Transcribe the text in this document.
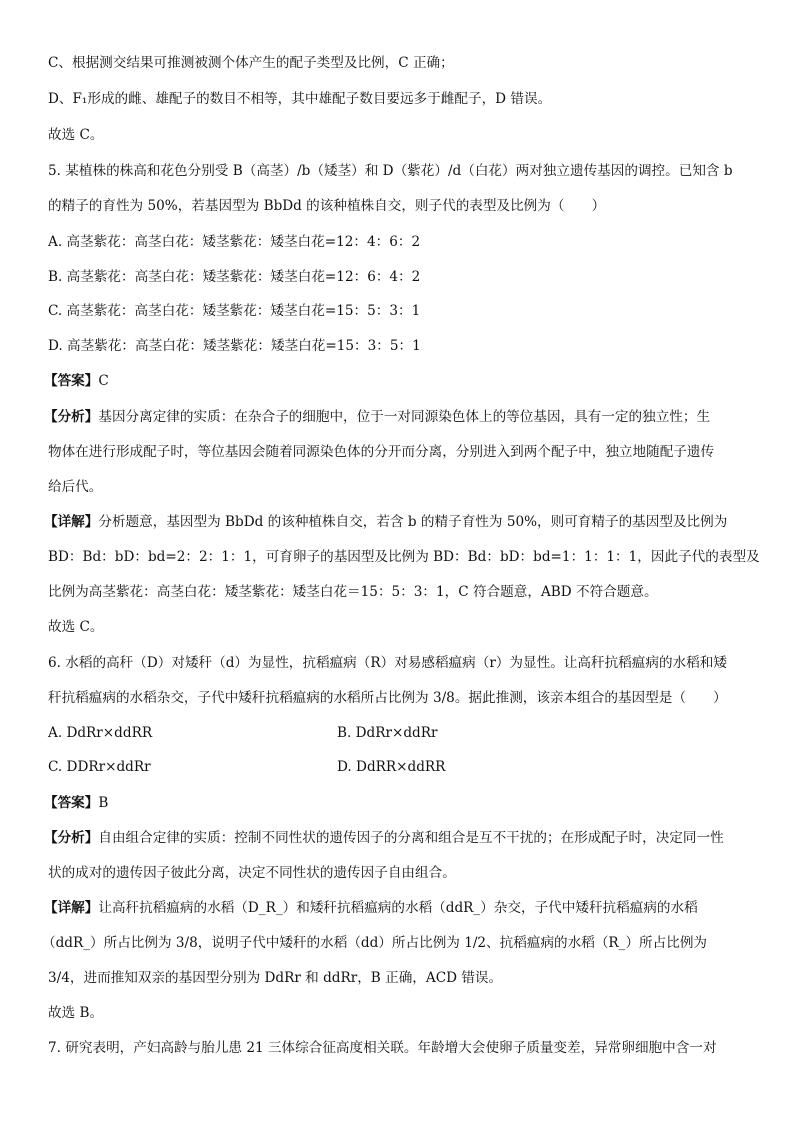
C、根据测交结果可推测被测个体产生的配子类型及比例，C 正确；
D、F₁形成的雌、雄配子的数目不相等，其中雄配子数目要远多于雌配子，D 错误。
故选 C。
5. 某植株的株高和花色分别受 B（高茎）/b（矮茎）和 D（紫花）/d（白花）两对独立遗传基因的调控。已知含 b
的精子的育性为 50%，若基因型为 BbDd 的该种植株自交，则子代的表型及比例为（　　）
A. 高茎紫花：高茎白花：矮茎紫花：矮茎白花=12：4：6：2
B. 高茎紫花：高茎白花：矮茎紫花：矮茎白花=12：6：4：2
C. 高茎紫花：高茎白花：矮茎紫花：矮茎白花=15：5：3：1
D. 高茎紫花：高茎白花：矮茎紫花：矮茎白花=15：3：5：1
【答案】C
【分析】基因分离定律的实质：在杂合子的细胞中，位于一对同源染色体上的等位基因，具有一定的独立性；生
物体在进行形成配子时，等位基因会随着同源染色体的分开而分离，分别进入到两个配子中，独立地随配子遗传
给后代。
【详解】分析题意，基因型为 BbDd 的该种植株自交，若含 b 的精子育性为 50%，则可育精子的基因型及比例为
BD：Bd：bD：bd=2：2：1：1，可育卵子的基因型及比例为 BD：Bd：bD：bd=1：1：1：1，因此子代的表型及
比例为高茎紫花：高茎白花：矮茎紫花：矮茎白花＝15：5：3：1，C 符合题意，ABD 不符合题意。
故选 C。
6. 水稻的高秆（D）对矮秆（d）为显性，抗稻瘟病（R）对易感稻瘟病（r）为显性。让高秆抗稻瘟病的水稻和矮
秆抗稻瘟病的水稻杂交，子代中矮秆抗稻瘟病的水稻所占比例为 3/8。据此推测，该亲本组合的基因型是（　　）
A. DdRr×ddRR	B. DdRr×ddRr
C. DDRr×ddRr	D. DdRR×ddRR
【答案】B
【分析】自由组合定律的实质：控制不同性状的遗传因子的分离和组合是互不干扰的；在形成配子时，决定同一性
状的成对的遗传因子彼此分离，决定不同性状的遗传因子自由组合。
【详解】让高秆抗稻瘟病的水稻（D_R_）和矮秆抗稻瘟病的水稻（ddR_）杂交，子代中矮秆抗稻瘟病的水稻
（ddR_）所占比例为 3/8，说明子代中矮秆的水稻（dd）所占比例为 1/2、抗稻瘟病的水稻（R_）所占比例为
3/4，进而推知双亲的基因型分别为 DdRr 和 ddRr，B 正确，ACD 错误。
故选 B。
7. 研究表明，产妇高龄与胎儿患 21 三体综合征高度相关联。年龄增大会使卵子质量变差，异常卵细胞中含一对
